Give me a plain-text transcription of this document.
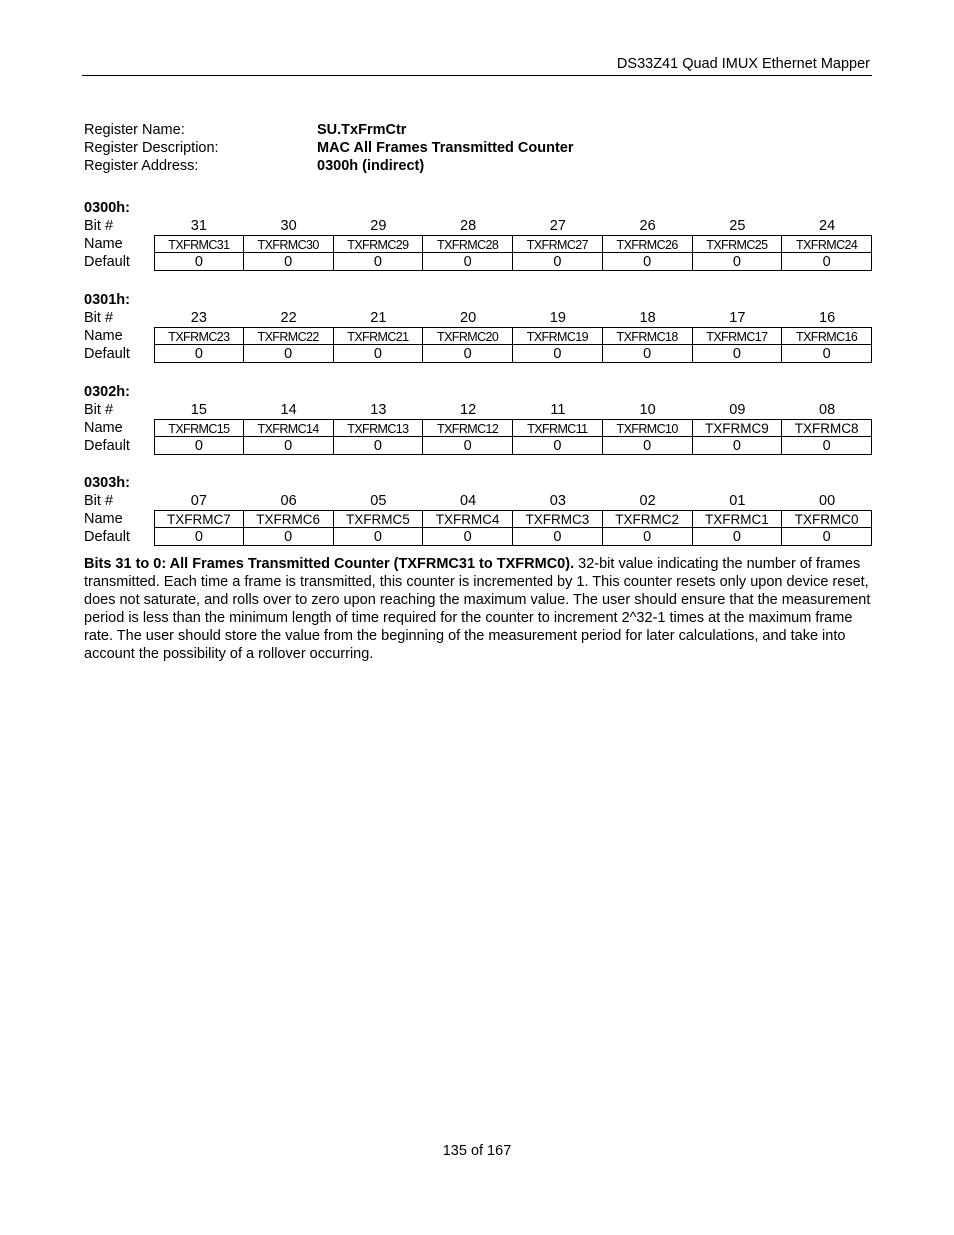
DS33Z41 Quad IMUX Ethernet Mapper
Register Name:	SU.TxFrmCtr
Register Description:	MAC All Frames Transmitted Counter
Register Address:	0300h (indirect)
0300h:
Bit #	31	30	29	28	27	26	25	24
Name	TXFRMC31	TXFRMC30	TXFRMC29	TXFRMC28	TXFRMC27	TXFRMC26	TXFRMC25	TXFRMC24
Default	0	0	0	0	0	0	0	0
0301h:
Bit #	23	22	21	20	19	18	17	16
Name	TXFRMC23	TXFRMC22	TXFRMC21	TXFRMC20	TXFRMC19	TXFRMC18	TXFRMC17	TXFRMC16
Default	0	0	0	0	0	0	0	0
0302h:
Bit #	15	14	13	12	11	10	09	08
Name	TXFRMC15	TXFRMC14	TXFRMC13	TXFRMC12	TXFRMC11	TXFRMC10	TXFRMC9	TXFRMC8
Default	0	0	0	0	0	0	0	0
0303h:
Bit #	07	06	05	04	03	02	01	00
Name	TXFRMC7	TXFRMC6	TXFRMC5	TXFRMC4	TXFRMC3	TXFRMC2	TXFRMC1	TXFRMC0
Default	0	0	0	0	0	0	0	0
Bits 31 to 0: All Frames Transmitted Counter (TXFRMC31 to TXFRMC0). 32-bit value indicating the number of frames transmitted. Each time a frame is transmitted, this counter is incremented by 1. This counter resets only upon device reset, does not saturate, and rolls over to zero upon reaching the maximum value. The user should ensure that the measurement period is less than the minimum length of time required for the counter to increment 2^32-1 times at the maximum frame rate. The user should store the value from the beginning of the measurement period for later calculations, and take into account the possibility of a rollover occurring.
135 of 167
